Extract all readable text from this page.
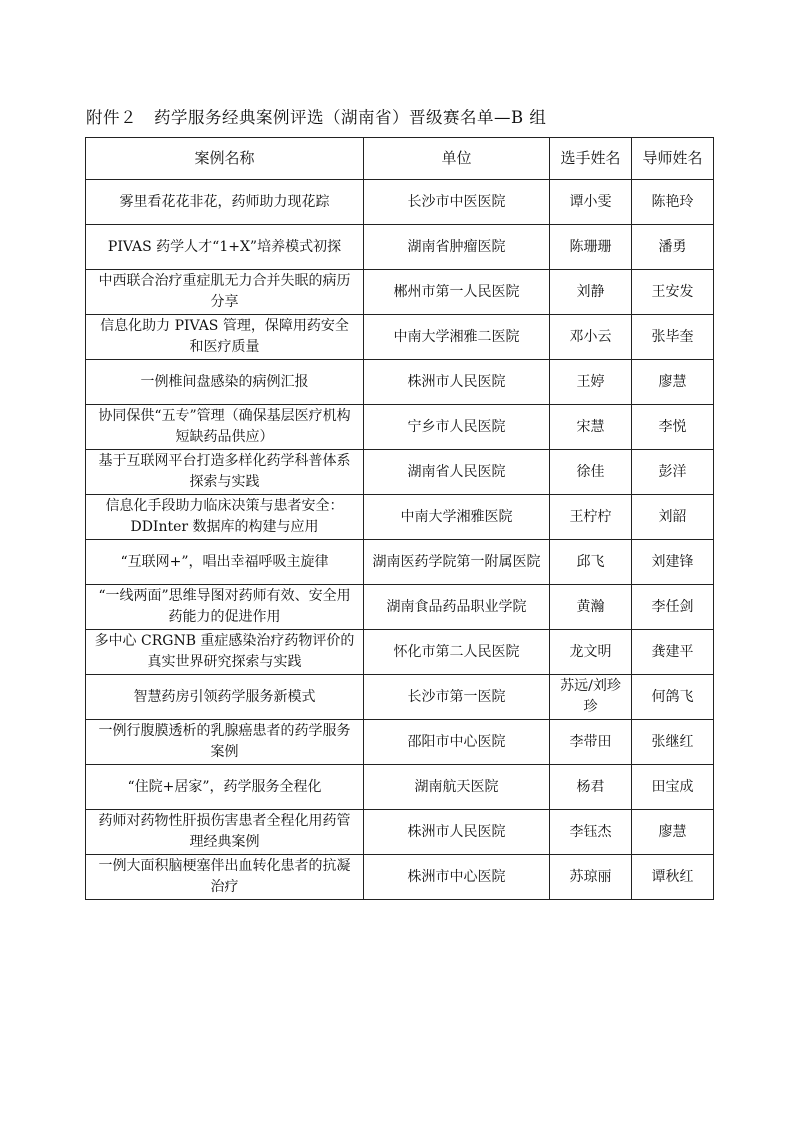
附件２　药学服务经典案例评选（湖南省）晋级赛名单—B 组
案例名称	单位	选手姓名	导师姓名
雾里看花花非花，药师助力现花踪	长沙市中医医院	谭小雯	陈艳玲
PIVAS 药学人才“1+X”培养模式初探	湖南省肿瘤医院	陈珊珊	潘勇
中西联合治疗重症肌无力合并失眠的病历分享	郴州市第一人民医院	刘静	王安发
信息化助力 PIVAS 管理，保障用药安全和医疗质量	中南大学湘雅二医院	邓小云	张毕奎
一例椎间盘感染的病例汇报	株洲市人民医院	王婷	廖慧
协同保供“五专”管理（确保基层医疗机构短缺药品供应）	宁乡市人民医院	宋慧	李悦
基于互联网平台打造多样化药学科普体系探索与实践	湖南省人民医院	徐佳	彭洋
信息化手段助力临床决策与患者安全：DDInter 数据库的构建与应用	中南大学湘雅医院	王柠柠	刘韶
“互联网+”，唱出幸福呼吸主旋律	湖南医药学院第一附属医院	邱飞	刘建锋
“一线两面”思维导图对药师有效、安全用药能力的促进作用	湖南食品药品职业学院	黄瀚	李任剑
多中心 CRGNB 重症感染治疗药物评价的真实世界研究探索与实践	怀化市第二人民医院	龙文明	龚建平
智慧药房引领药学服务新模式	长沙市第一医院	苏远/刘珍珍	何鸽飞
一例行腹膜透析的乳腺癌患者的药学服务案例	邵阳市中心医院	李带田	张继红
“住院+居家”，药学服务全程化	湖南航天医院	杨君	田宝成
药师对药物性肝损伤害患者全程化用药管理经典案例	株洲市人民医院	李钰杰	廖慧
一例大面积脑梗塞伴出血转化患者的抗凝治疗	株洲市中心医院	苏琼丽	谭秋红
